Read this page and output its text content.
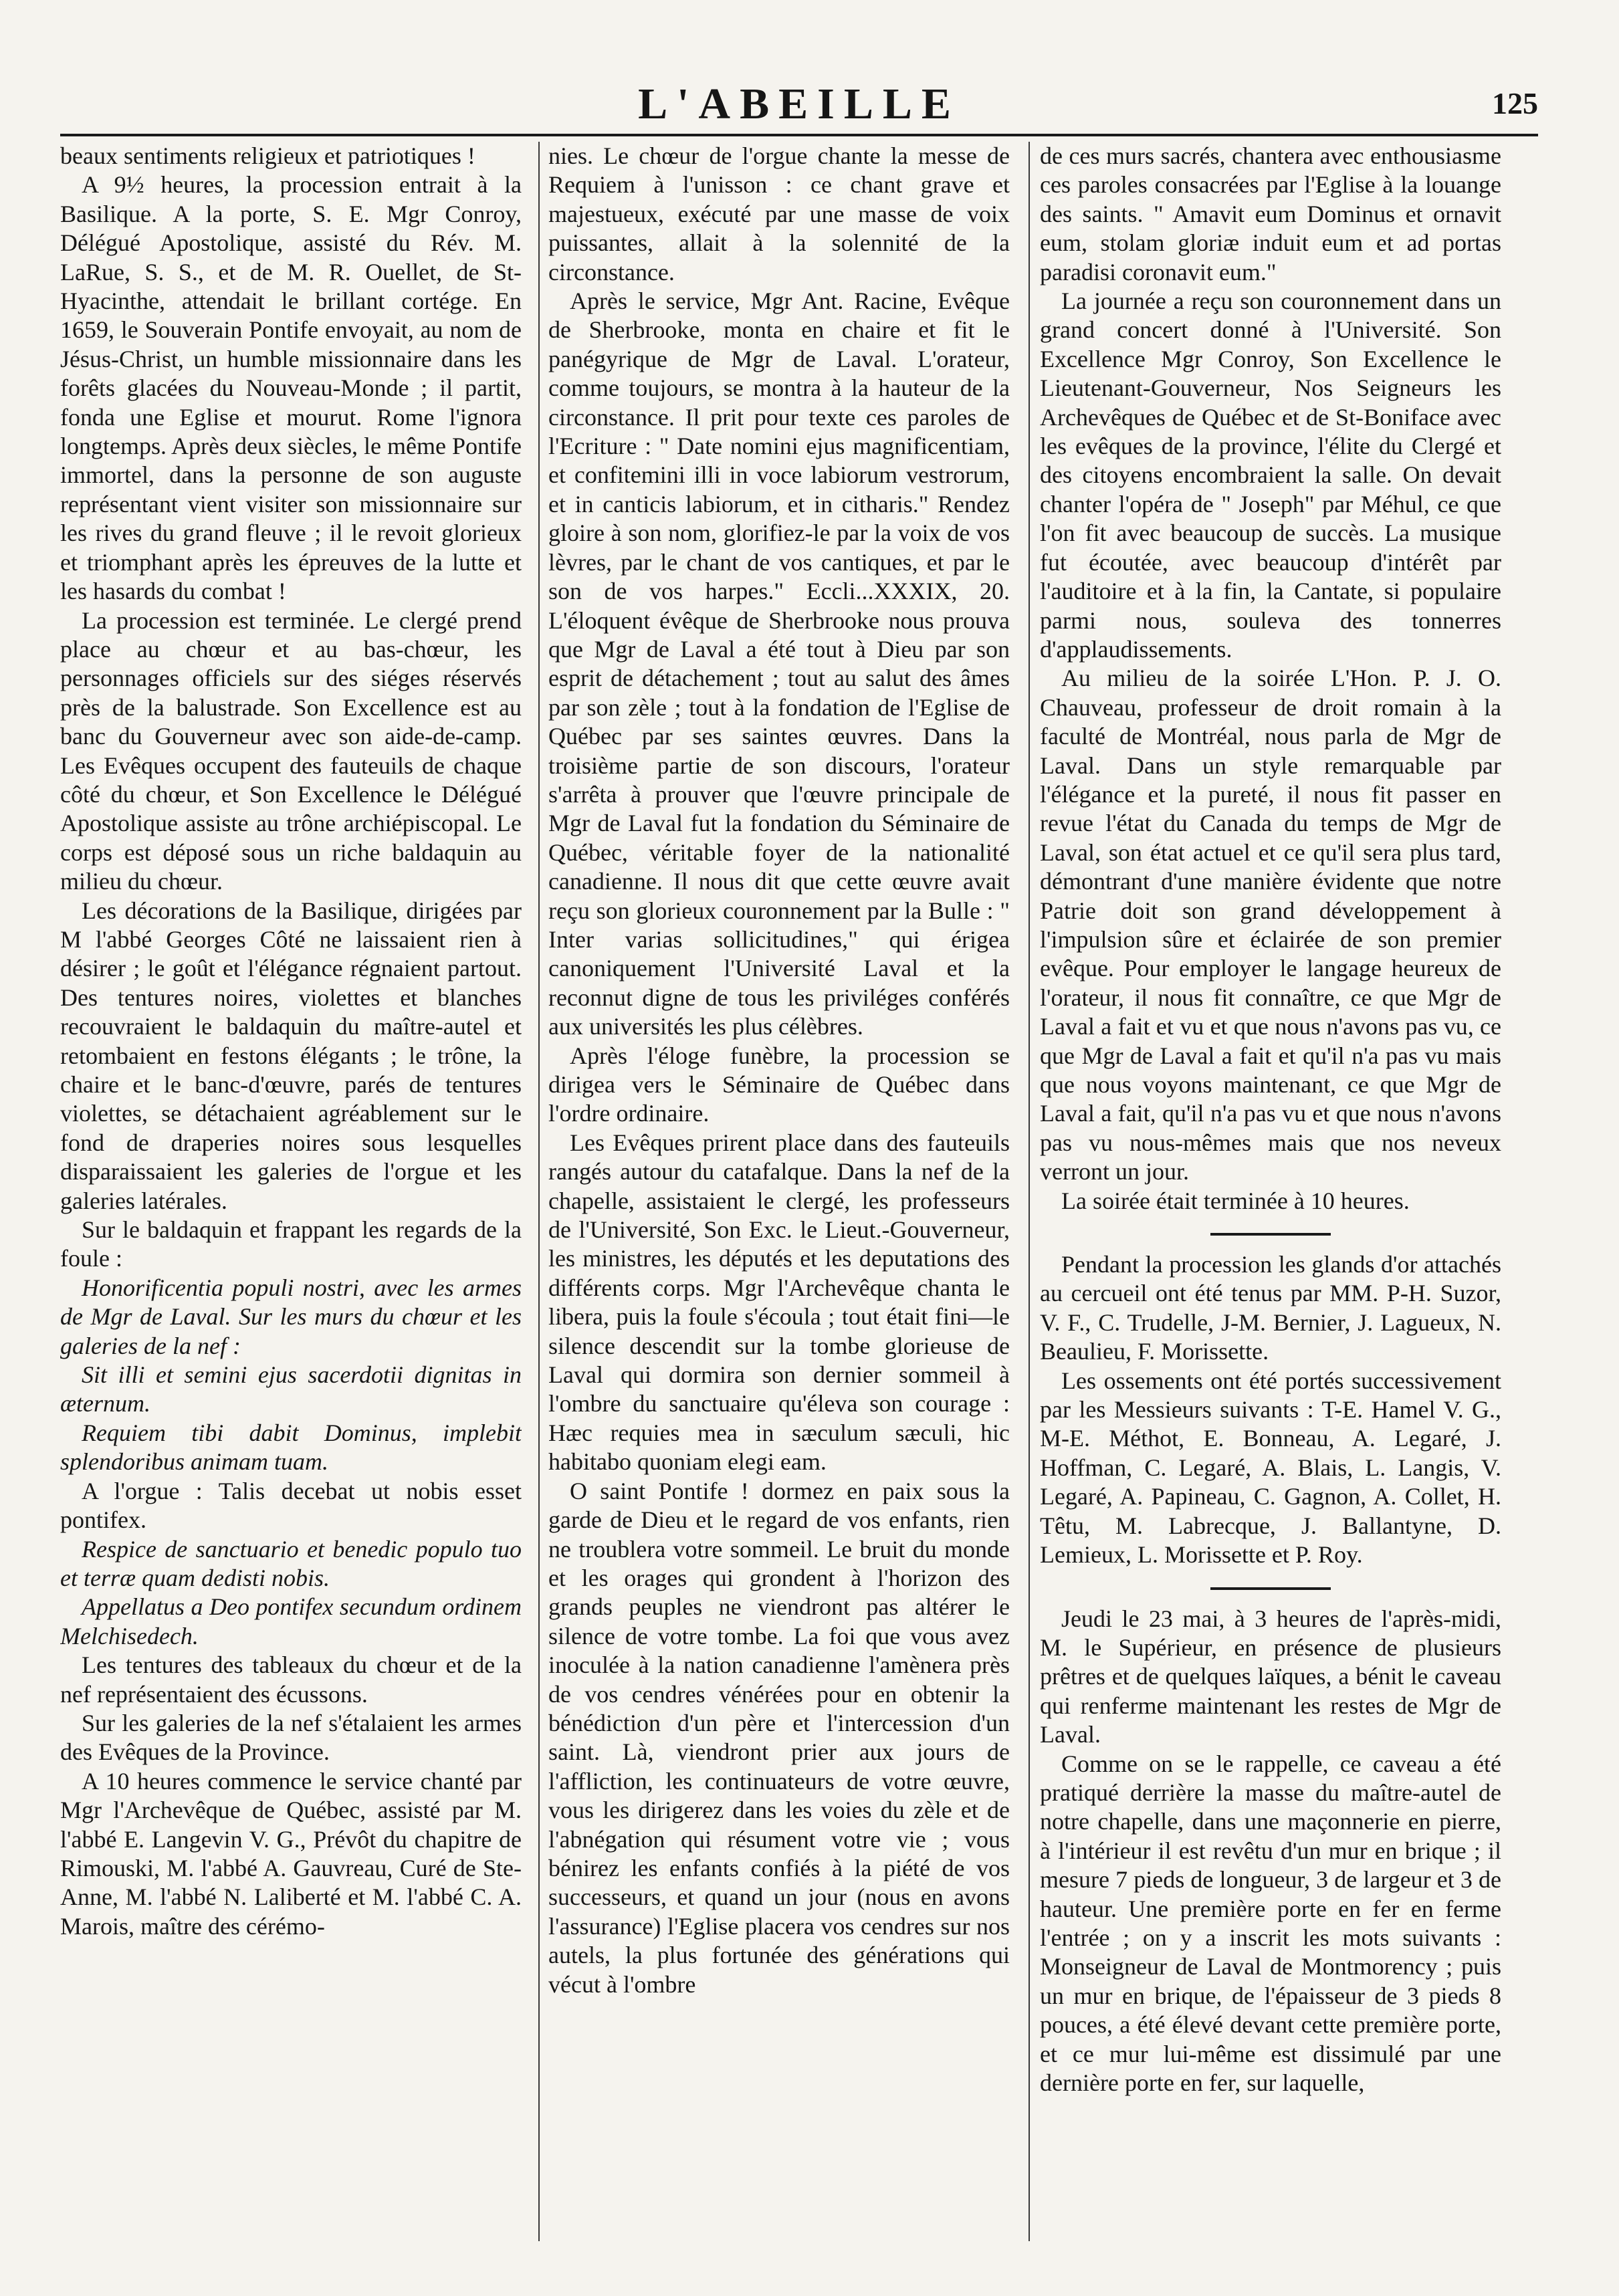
L'ABEILLE	125

beaux sentiments religieux et patriotiques !

A 9½ heures, la procession entrait à la Basilique. A la porte, S. E. Mgr Conroy, Délégué Apostolique, assisté du Rév. M. LaRue, S. S., et de M. R. Ouellet, de St-Hyacinthe, attendait le brillant cortége. En 1659, le Souverain Pontife envoyait, au nom de Jésus-Christ, un humble missionnaire dans les forêts glacées du Nouveau-Monde ; il partit, fonda une Eglise et mourut. Rome l'ignora longtemps. Après deux siècles, le même Pontife immortel, dans la personne de son auguste représentant vient visiter son missionnaire sur les rives du grand fleuve ; il le revoit glorieux et triomphant après les épreuves de la lutte et les hasards du combat !

La procession est terminée. Le clergé prend place au chœur et au bas-chœur, les personnages officiels sur des siéges réservés près de la balustrade. Son Excellence est au banc du Gouverneur avec son aide-de-camp. Les Evêques occupent des fauteuils de chaque côté du chœur, et Son Excellence le Délégué Apostolique assiste au trône archiépiscopal. Le corps est déposé sous un riche baldaquin au milieu du chœur.

Les décorations de la Basilique, dirigées par M l'abbé Georges Côté ne laissaient rien à désirer ; le goût et l'élégance régnaient partout. Des tentures noires, violettes et blanches recouvraient le baldaquin du maître-autel et retombaient en festons élégants ; le trône, la chaire et le banc-d'œuvre, parés de tentures violettes, se détachaient agréablement sur le fond de draperies noires sous lesquelles disparaissaient les galeries de l'orgue et les galeries latérales.

Sur le baldaquin et frappant les regards de la foule :

Honorificentia populi nostri, avec les armes de Mgr de Laval. Sur les murs du chœur et les galeries de la nef :

Sit illi et semini ejus sacerdotii dignitas in æternum.

Requiem tibi dabit Dominus, implebit splendoribus animam tuam.

A l'orgue : Talis decebat ut nobis esset pontifex.

Respice de sanctuario et benedic populo tuo et terræ quam dedisti nobis.

Appellatus a Deo pontifex secundum ordinem Melchisedech.

Les tentures des tableaux du chœur et de la nef représentaient des écussons.

Sur les galeries de la nef s'étalaient les armes des Evêques de la Province.

A 10 heures commence le service chanté par Mgr l'Archevêque de Québec, assisté par M. l'abbé E. Langevin V. G., Prévôt du chapitre de Rimouski, M. l'abbé A. Gauvreau, Curé de Ste-Anne, M. l'abbé N. Laliberté et M. l'abbé C. A. Marois, maître des cérémo-

nies. Le chœur de l'orgue chante la messe de Requiem à l'unisson : ce chant grave et majestueux, exécuté par une masse de voix puissantes, allait à la solennité de la circonstance.

Après le service, Mgr Ant. Racine, Evêque de Sherbrooke, monta en chaire et fit le panégyrique de Mgr de Laval. L'orateur, comme toujours, se montra à la hauteur de la circonstance. Il prit pour texte ces paroles de l'Ecriture : " Date nomini ejus magnificentiam, et confitemini illi in voce labiorum vestrorum, et in canticis labiorum, et in citharis." Rendez gloire à son nom, glorifiez-le par la voix de vos lèvres, par le chant de vos cantiques, et par le son de vos harpes." Eccli...XXXIX, 20. L'éloquent évêque de Sherbrooke nous prouva que Mgr de Laval a été tout à Dieu par son esprit de détachement ; tout au salut des âmes par son zèle ; tout à la fondation de l'Eglise de Québec par ses saintes œuvres. Dans la troisième partie de son discours, l'orateur s'arrêta à prouver que l'œuvre principale de Mgr de Laval fut la fondation du Séminaire de Québec, véritable foyer de la nationalité canadienne. Il nous dit que cette œuvre avait reçu son glorieux couronnement par la Bulle : " Inter varias sollicitudines," qui érigea canoniquement l'Université Laval et la reconnut digne de tous les priviléges conférés aux universités les plus célèbres.

Après l'éloge funèbre, la procession se dirigea vers le Séminaire de Québec dans l'ordre ordinaire.

Les Evêques prirent place dans des fauteuils rangés autour du catafalque. Dans la nef de la chapelle, assistaient le clergé, les professeurs de l'Université, Son Exc. le Lieut.-Gouverneur, les ministres, les députés et les deputations des différents corps. Mgr l'Archevêque chanta le libera, puis la foule s'écoula ; tout était fini—le silence descendit sur la tombe glorieuse de Laval qui dormira son dernier sommeil à l'ombre du sanctuaire qu'éleva son courage : Hæc requies mea in sæculum sæculi, hic habitabo quoniam elegi eam.

O saint Pontife ! dormez en paix sous la garde de Dieu et le regard de vos enfants, rien ne troublera votre sommeil. Le bruit du monde et les orages qui grondent à l'horizon des grands peuples ne viendront pas altérer le silence de votre tombe. La foi que vous avez inoculée à la nation canadienne l'amènera près de vos cendres vénérées pour en obtenir la bénédiction d'un père et l'intercession d'un saint. Là, viendront prier aux jours de l'affliction, les continuateurs de votre œuvre, vous les dirigerez dans les voies du zèle et de l'abnégation qui résument votre vie ; vous bénirez les enfants confiés à la piété de vos successeurs, et quand un jour (nous en avons l'assurance) l'Eglise placera vos cendres sur nos autels, la plus fortunée des générations qui vécut à l'ombre

de ces murs sacrés, chantera avec enthousiasme ces paroles consacrées par l'Eglise à la louange des saints. " Amavit eum Dominus et ornavit eum, stolam gloriæ induit eum et ad portas paradisi coronavit eum."

La journée a reçu son couronnement dans un grand concert donné à l'Université. Son Excellence Mgr Conroy, Son Excellence le Lieutenant-Gouverneur, Nos Seigneurs les Archevêques de Québec et de St-Boniface avec les evêques de la province, l'élite du Clergé et des citoyens encombraient la salle. On devait chanter l'opéra de " Joseph" par Méhul, ce que l'on fit avec beaucoup de succès. La musique fut écoutée, avec beaucoup d'intérêt par l'auditoire et à la fin, la Cantate, si populaire parmi nous, souleva des tonnerres d'applaudissements.

Au milieu de la soirée L'Hon. P. J. O. Chauveau, professeur de droit romain à la faculté de Montréal, nous parla de Mgr de Laval. Dans un style remarquable par l'élégance et la pureté, il nous fit passer en revue l'état du Canada du temps de Mgr de Laval, son état actuel et ce qu'il sera plus tard, démontrant d'une manière évidente que notre Patrie doit son grand développement à l'impulsion sûre et éclairée de son premier evêque. Pour employer le langage heureux de l'orateur, il nous fit connaître, ce que Mgr de Laval a fait et vu et que nous n'avons pas vu, ce que Mgr de Laval a fait et qu'il n'a pas vu mais que nous voyons maintenant, ce que Mgr de Laval a fait, qu'il n'a pas vu et que nous n'avons pas vu nous-mêmes mais que nos neveux verront un jour.

La soirée était terminée à 10 heures.

Pendant la procession les glands d'or attachés au cercueil ont été tenus par MM. P-H. Suzor, V. F., C. Trudelle, J-M. Bernier, J. Lagueux, N. Beaulieu, F. Morissette.

Les ossements ont été portés successivement par les Messieurs suivants : T-E. Hamel V. G., M-E. Méthot, E. Bonneau, A. Legaré, J. Hoffman, C. Legaré, A. Blais, L. Langis, V. Legaré, A. Papineau, C. Gagnon, A. Collet, H. Têtu, M. Labrecque, J. Ballantyne, D. Lemieux, L. Morissette et P. Roy.

Jeudi le 23 mai, à 3 heures de l'après-midi, M. le Supérieur, en présence de plusieurs prêtres et de quelques laïques, a bénit le caveau qui renferme maintenant les restes de Mgr de Laval.

Comme on se le rappelle, ce caveau a été pratiqué derrière la masse du maître-autel de notre chapelle, dans une maçonnerie en pierre, à l'intérieur il est revêtu d'un mur en brique ; il mesure 7 pieds de longueur, 3 de largeur et 3 de hauteur. Une première porte en fer en ferme l'entrée ; on y a inscrit les mots suivants : Monseigneur de Laval de Montmorency ; puis un mur en brique, de l'épaisseur de 3 pieds 8 pouces, a été élevé devant cette première porte, et ce mur lui-même est dissimulé par une dernière porte en fer, sur laquelle,
